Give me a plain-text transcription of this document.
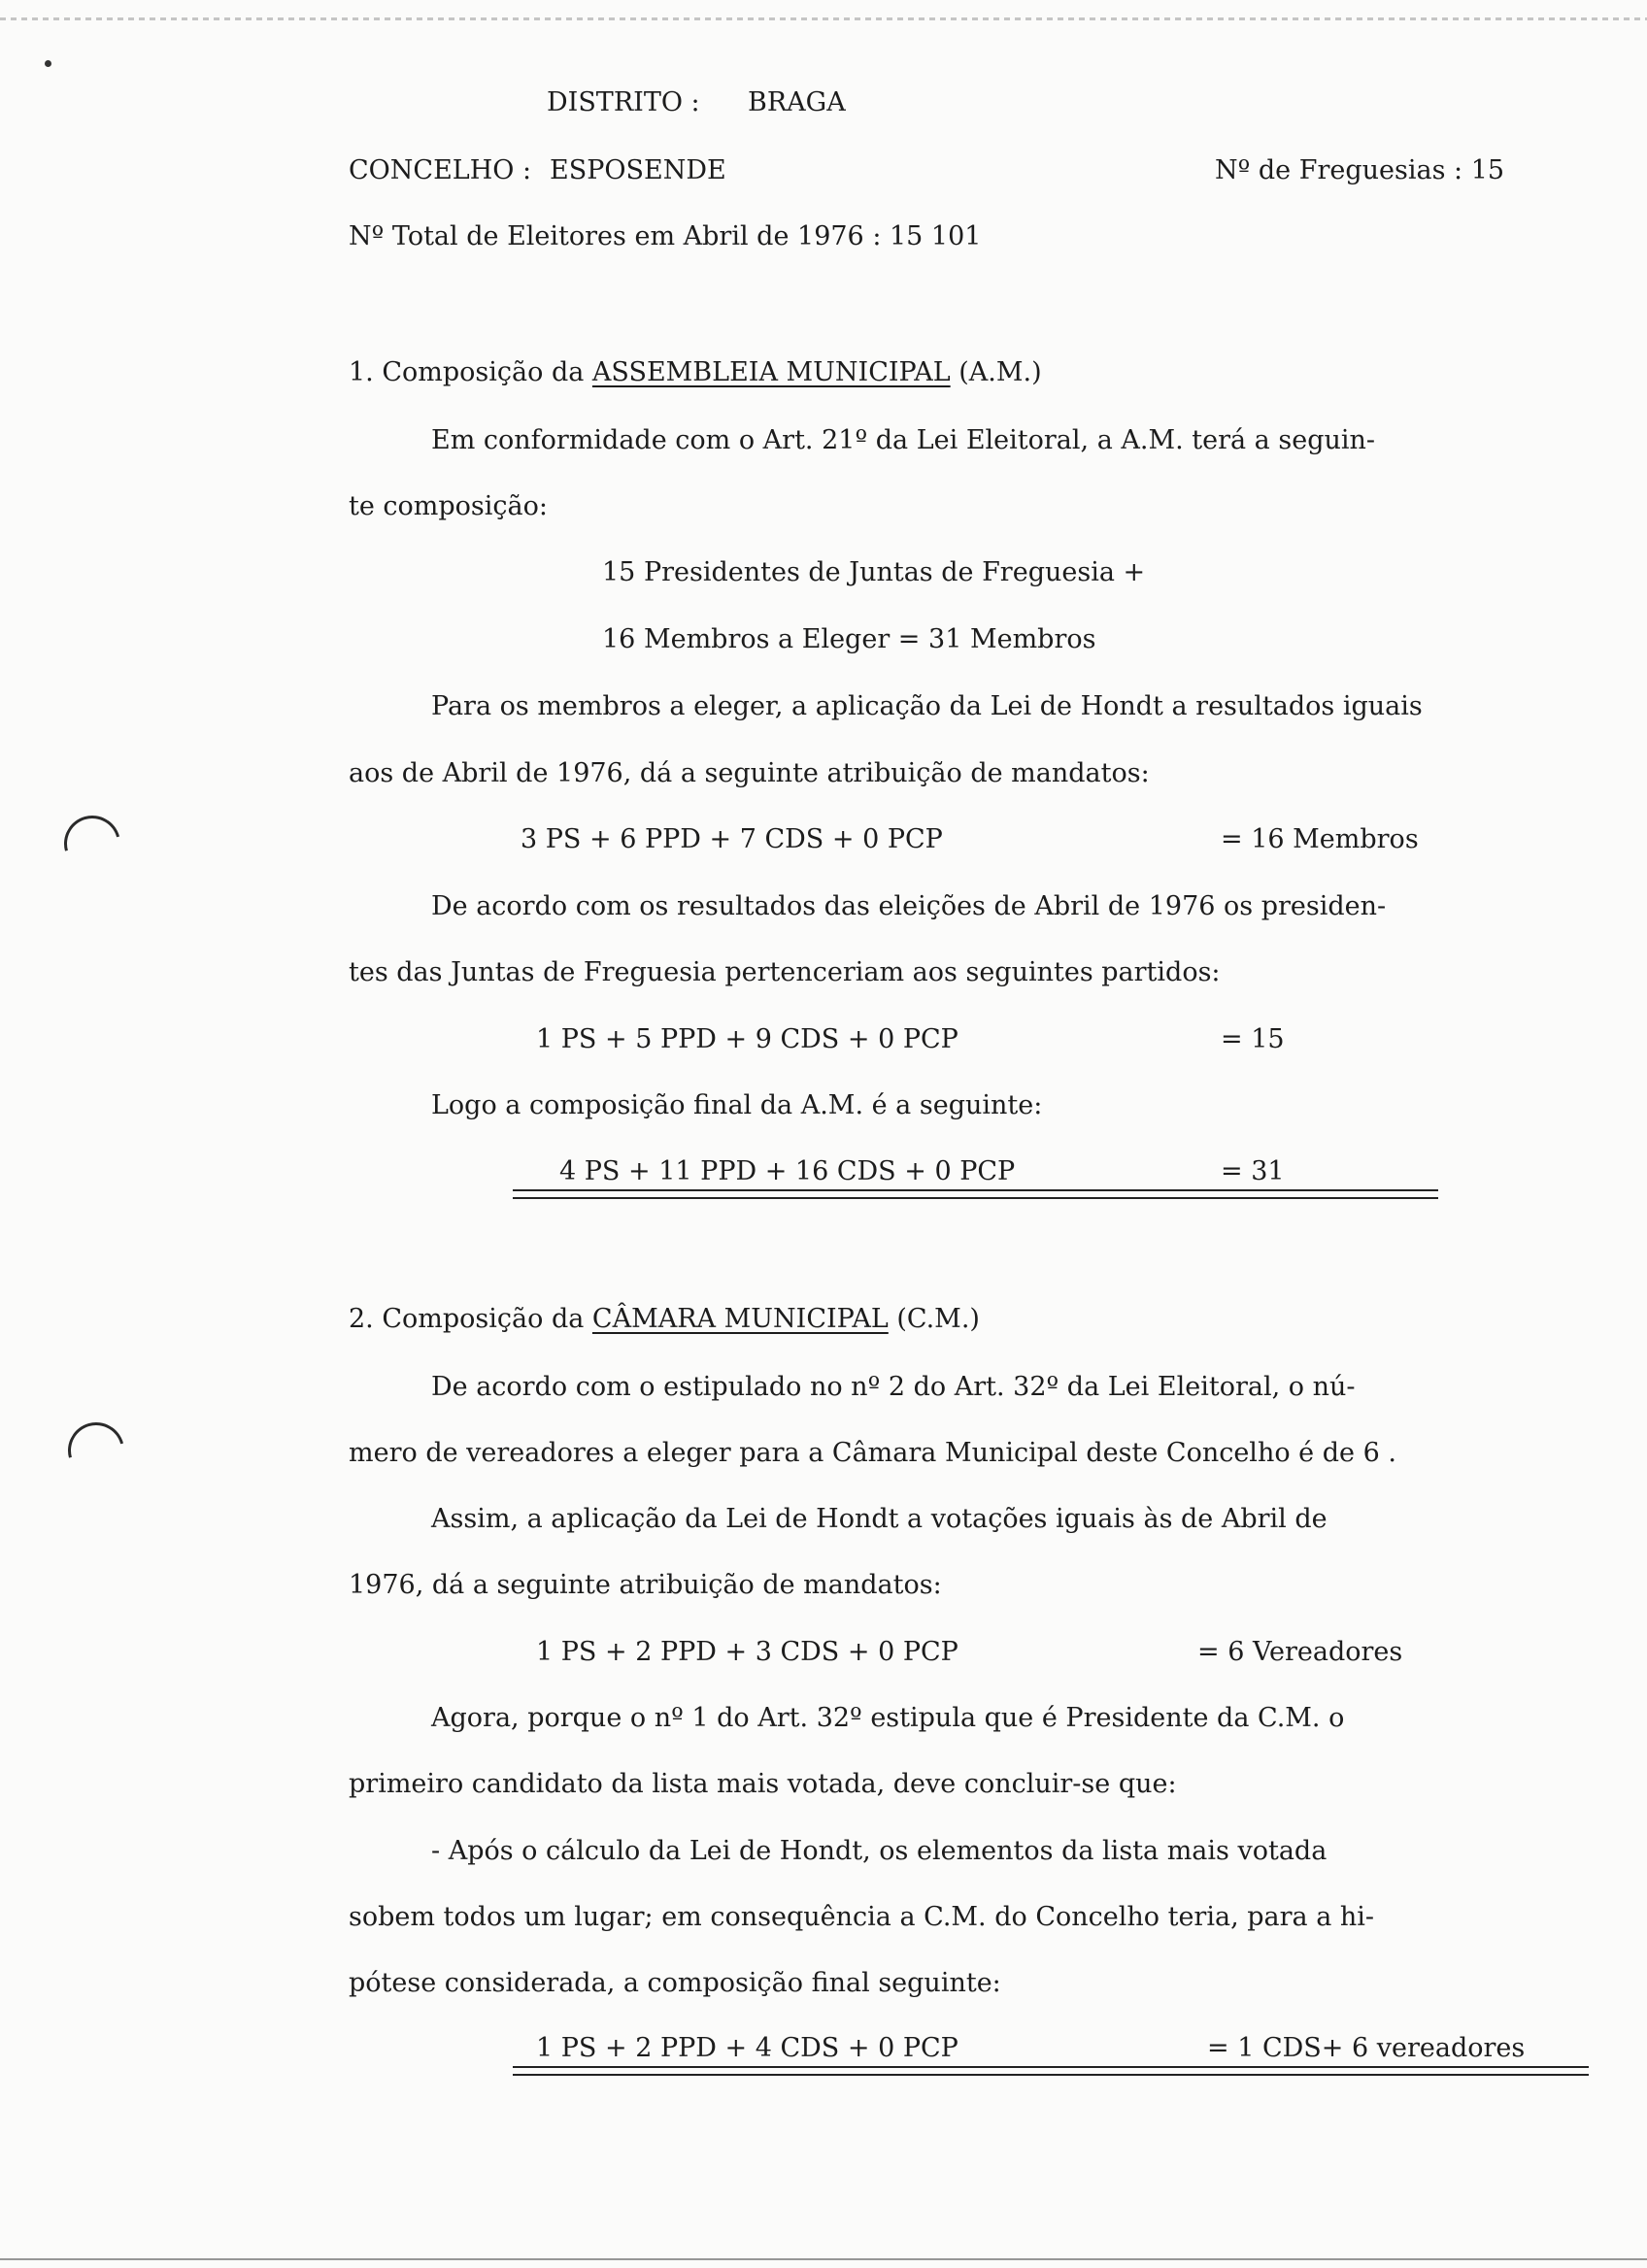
DISTRITO : BRAGA
CONCELHO : ESPOSENDE	Nº de Freguesias : 15
Nº Total de Eleitores em Abril de 1976 : 15 101
1. Composição da ASSEMBLEIA MUNICIPAL (A.M.)
Em conformidade com o Art. 21º da Lei Eleitoral, a A.M. terá a seguin-
te composição:
15 Presidentes de Juntas de Freguesia +
16 Membros a Eleger = 31 Membros
Para os membros a eleger, a aplicação da Lei de Hondt a resultados iguais
aos de Abril de 1976, dá a seguinte atribuição de mandatos:
3 PS + 6 PPD + 7 CDS + 0 PCP	= 16 Membros
De acordo com os resultados das eleições de Abril de 1976 os presiden-
tes das Juntas de Freguesia pertenceriam aos seguintes partidos:
1 PS + 5 PPD + 9 CDS + 0 PCP	= 15
Logo a composição final da A.M. é a seguinte:
4 PS + 11 PPD + 16 CDS + 0 PCP	= 31
2. Composição da CÂMARA MUNICIPAL (C.M.)
De acordo com o estipulado no nº 2 do Art. 32º da Lei Eleitoral, o nú-
mero de vereadores a eleger para a Câmara Municipal deste Concelho é de 6 .
Assim, a aplicação da Lei de Hondt a votações iguais às de Abril de
1976, dá a seguinte atribuição de mandatos:
1 PS + 2 PPD + 3 CDS + 0 PCP	= 6 Vereadores
Agora, porque o nº 1 do Art. 32º estipula que é Presidente da C.M. o
primeiro candidato da lista mais votada, deve concluir-se que:
- Após o cálculo da Lei de Hondt, os elementos da lista mais votada
sobem todos um lugar; em consequência a C.M. do Concelho teria, para a hi-
pótese considerada, a composição final seguinte:
1 PS + 2 PPD + 4 CDS + 0 PCP	= 1 CDS+ 6 vereadores
